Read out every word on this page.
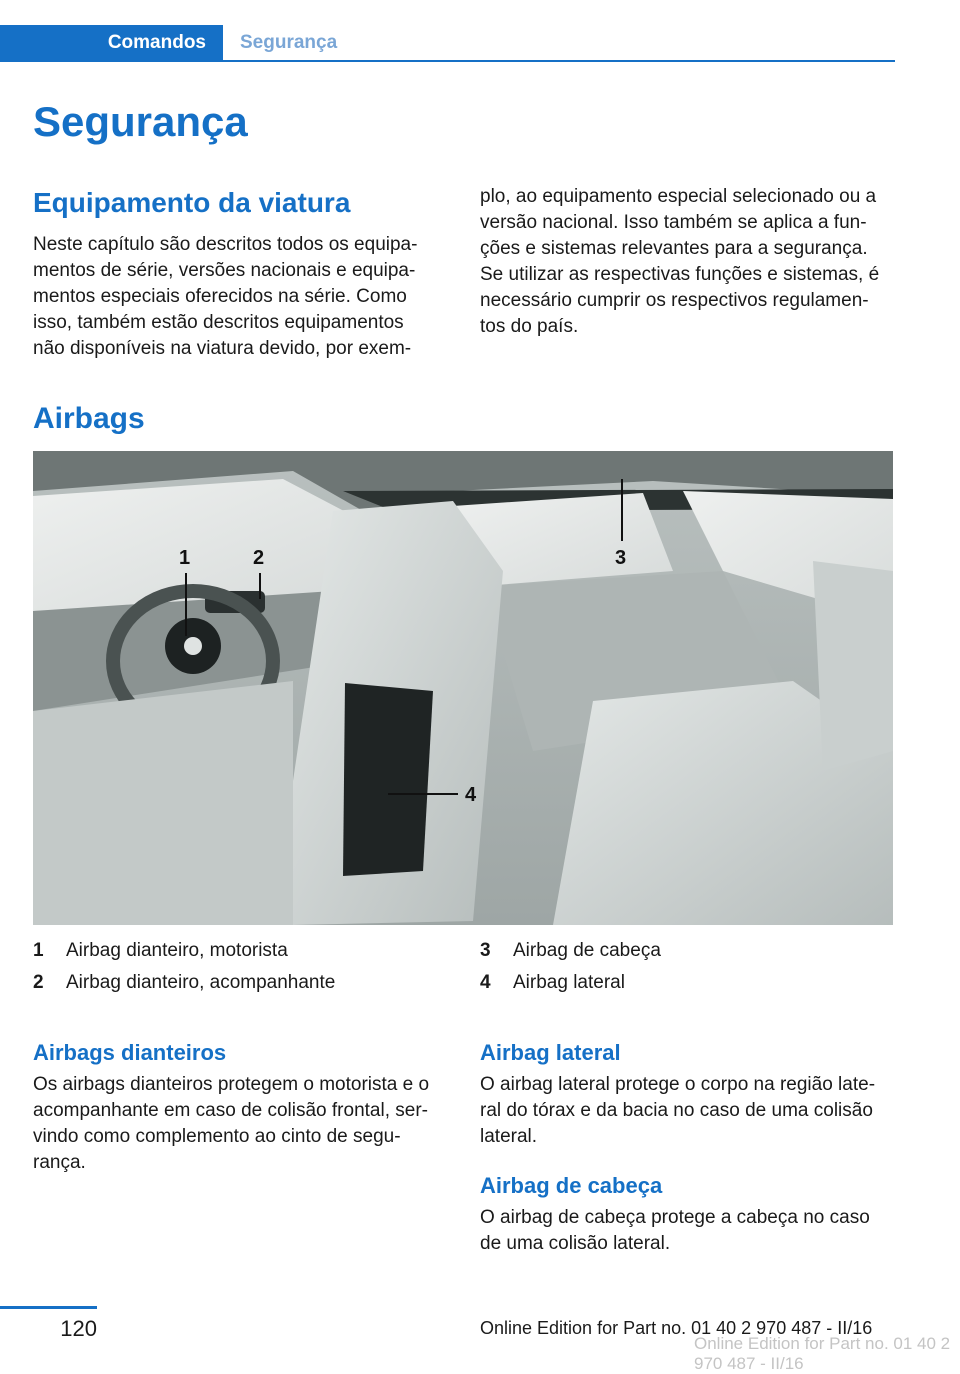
Comandos	Segurança
Segurança
Equipamento da viatura

Neste capítulo são descritos todos os equipa-
mentos de série, versões nacionais e equipa-
mentos especiais oferecidos na série. Como
isso, também estão descritos equipamentos
não disponíveis na viatura devido, por exem-

plo, ao equipamento especial selecionado ou a
versão nacional. Isso também se aplica a fun-
ções e sistemas relevantes para a segurança.
Se utilizar as respectivas funções e sistemas, é
necessário cumprir os respectivos regulamen-
tos do país.

Airbags
1	2	3
4
1	Airbag dianteiro, motorista
2	Airbag dianteiro, acompanhante
3	Airbag de cabeça
4	Airbag lateral
Airbags dianteiros

Os airbags dianteiros protegem o motorista e o
acompanhante em caso de colisão frontal, ser-
vindo como complemento ao cinto de segu-
rança.

Airbag lateral

O airbag lateral protege o corpo na região late-
ral do tórax e da bacia no caso de uma colisão
lateral.

Airbag de cabeça

O airbag de cabeça protege a cabeça no caso
de uma colisão lateral.

120	Online Edition for Part no. 01 40 2 970 487 - II/16
Online Edition for Part no. 01 40 2 970 487 - II/16
